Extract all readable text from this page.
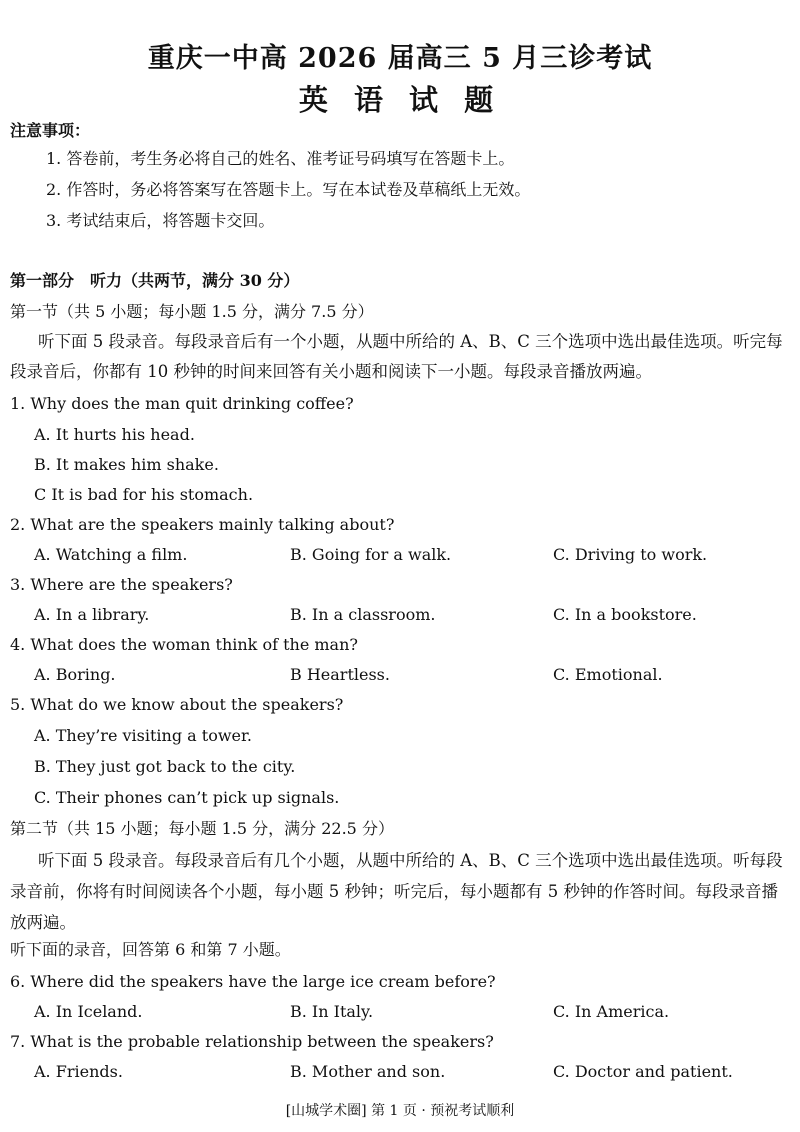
重庆一中高 2026 届高三 5 月三诊考试
英 语 试 题
注意事项：
1. 答卷前，考生务必将自己的姓名、准考证号码填写在答题卡上。
2. 作答时，务必将答案写在答题卡上。写在本试卷及草稿纸上无效。
3. 考试结束后，将答题卡交回。
第一部分　听力（共两节，满分 30 分）
第一节（共 5 小题；每小题 1.5 分，满分 7.5 分）
听下面 5 段录音。每段录音后有一个小题，从题中所给的 A、B、C 三个选项中选出最佳选项。听完每段录音后，你都有 10 秒钟的时间来回答有关小题和阅读下一小题。每段录音播放两遍。
1. Why does the man quit drinking coffee?
A. It hurts his head.
B. It makes him shake.
C It is bad for his stomach.
2. What are the speakers mainly talking about?
A. Watching a film.	B. Going for a walk.	C. Driving to work.
3. Where are the speakers?
A. In a library.	B. In a classroom.	C. In a bookstore.
4. What does the woman think of the man?
A. Boring.	B Heartless.	C. Emotional.
5. What do we know about the speakers?
A. They’re visiting a tower.
B. They just got back to the city.
C. Their phones can’t pick up signals.
第二节（共 15 小题；每小题 1.5 分，满分 22.5 分）
听下面 5 段录音。每段录音后有几个小题，从题中所给的 A、B、C 三个选项中选出最佳选项。听每段录音前，你将有时间阅读各个小题，每小题 5 秒钟；听完后，每小题都有 5 秒钟的作答时间。每段录音播放两遍。
听下面的录音，回答第 6 和第 7 小题。
6. Where did the speakers have the large ice cream before?
A. In Iceland.	B. In Italy.	C. In America.
7. What is the probable relationship between the speakers?
A. Friends.	B. Mother and son.	C. Doctor and patient.
[山城学术圈] 第 1 页 · 预祝考试顺利
